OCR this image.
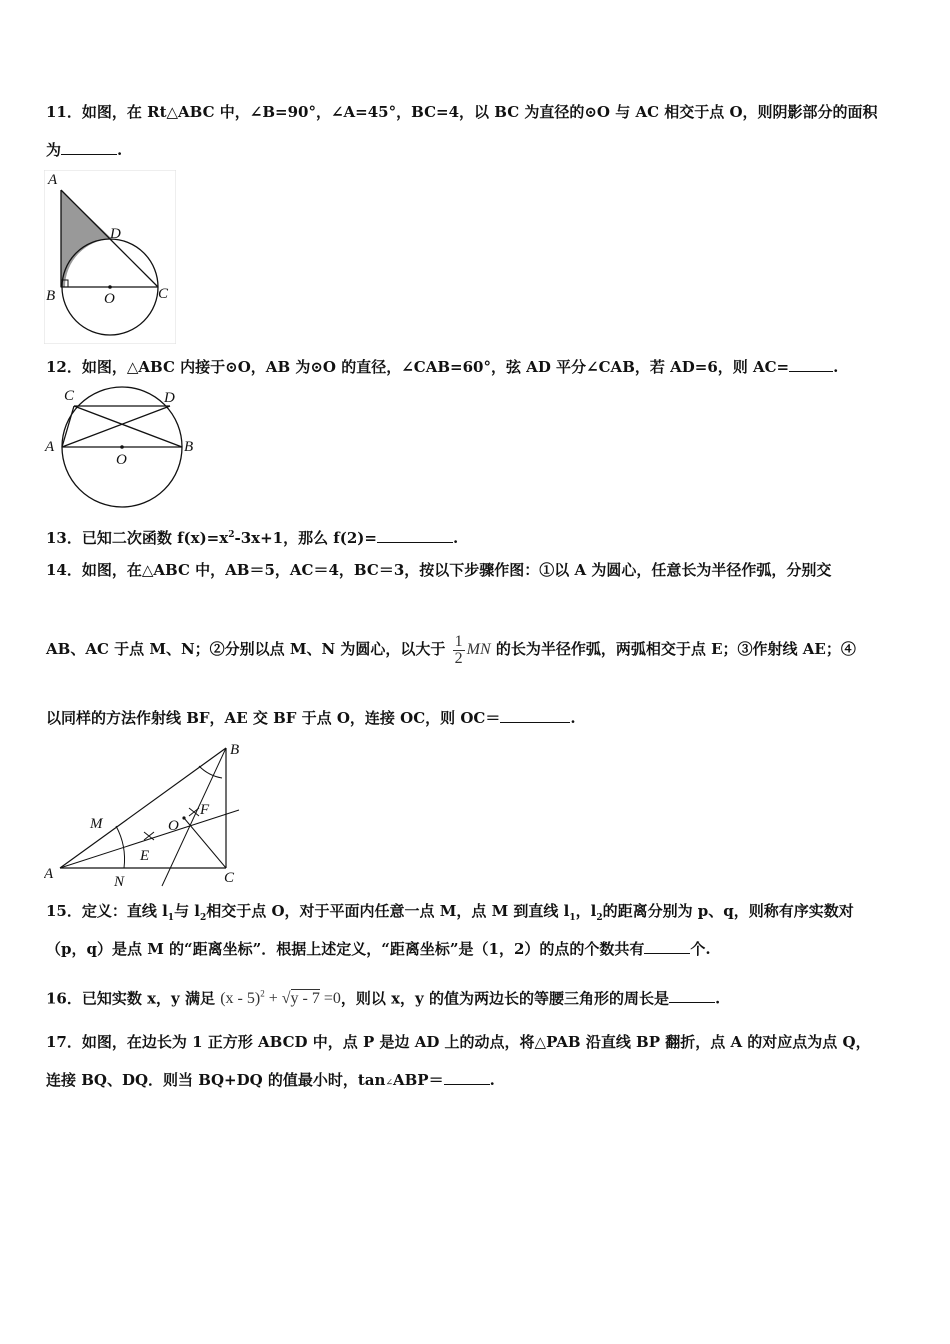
11．如图，在 Rt△ABC 中，∠B=90°，∠A=45°，BC=4，以 BC 为直径的⊙O 与 AC 相交于点 O，则阴影部分的面积
为	.
A
D
B	O	C
12．如图，△ABC 内接于⊙O，AB 为⊙O 的直径，∠CAB=60°，弦 AD 平分∠CAB，若 AD=6，则 AC=	.
C	D
A	B
O
13．已知二次函数 $f(x)=x^2-3x+1$，那么 f(2)=	.
14．如图，在△ABC 中，AB＝5，AC＝4，BC＝3，按以下步骤作图：①以 A 为圆心，任意长为半径作弧，分别交
AB、AC 于点 M、N；②分别以点 M、N 为圆心，以大于 $\frac{1}{2}$ MN 的长为半径作弧，两弧相交于点 E；③作射线 AE；④
以同样的方法作射线 BF，AE 交 BF 于点 O，连接 OC，则 OC＝	.
M
E
O
F
B
A	N	C
15．定义：直线 $l_1$与 $l_2$相交于点 O，对于平面内任意一点 M，点 M 到直线 $l_1$，$l_2$的距离分别为 p、q，则称有序实数对
（p，q）是点 M 的“距离坐标”．根据上述定义，“距离坐标”是（1，2）的点的个数共有	个.
16．已知实数 x，y 满足 (x - 5)$^2$ + √y - 7 =0，则以 x，y 的值为两边长的等腰三角形的周长是	.
17．如图，在边长为 1 正方形 ABCD 中，点 P 是边 AD 上的动点，将△PAB 沿直线 BP 翻折，点 A 的对应点为点 Q，
连接 BQ、DQ．则当 BQ+DQ 的值最小时，tan∠ABP＝	.
